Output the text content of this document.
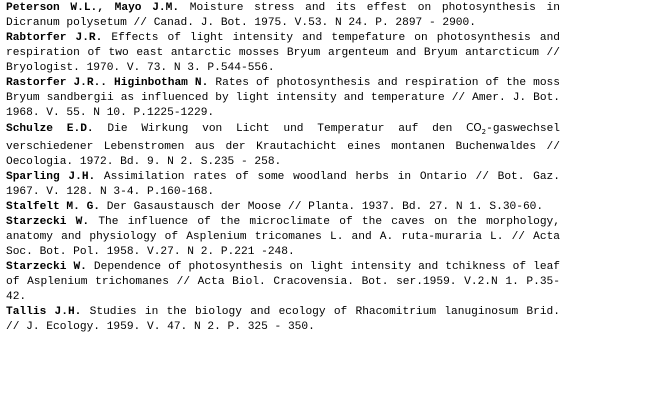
Peterson W.L., Mayo J.M. Moisture stress and its effest on photosynthesis in Dicranum polysetum // Canad. J. Bot. 1975. V.53. N 24. P. 2897 - 2900.

Rabtorfer J.R. Effects of light intensity and tempefature on photosynthesis and respiration of two east antarctic mosses Bryum argenteum and Bryum antarcticum // Bryologist. 1970. V. 73. N 3. P.544-556.

Rastorfer J.R.. Higinbotham N. Rates of photosynthesis and respiration of the moss Bryum sandbergii as influenced by light intensity and temperature // Amer. J. Bot. 1968. V. 55. N 10. P.1225-1229.

Schulze E.D. Die Wirkung von Licht und Temperatur auf den $CO_2$-gaswechsel verschiedener Lebenstromen aus der Krautachicht eines montanen Buchenwaldes // Oecologia. 1972. Bd. 9. N 2. S.235 - 258.

Sparling J.H. Assimilation rates of some woodland herbs in Ontario // Bot. Gaz. 1967. V. 128. N 3-4. P.160-168.

Stalfelt M. G. Der Gasaustausch der Moose // Planta. 1937. Bd. 27. N 1. S.30-60.

Starzecki W. The influence of the microclimate of the caves on the morphology, anatomy and physiology of Asplenium tricomanes L. and A. ruta-muraria L. // Acta Soc. Bot. Pol. 1958. V.27. N 2. P.221 -248.

Starzecki W. Dependence of photosynthesis on light intensity and tchikness of leaf of Asplenium trichomanes // Acta Biol. Cracovensia. Bot. ser.1959. V.2.N 1. P.35-42.

Tallis J.H. Studies in the biology and ecology of Rhacomitrium lanuginosum Brid. // J. Ecology. 1959. V. 47. N 2. P. 325 - 350.
